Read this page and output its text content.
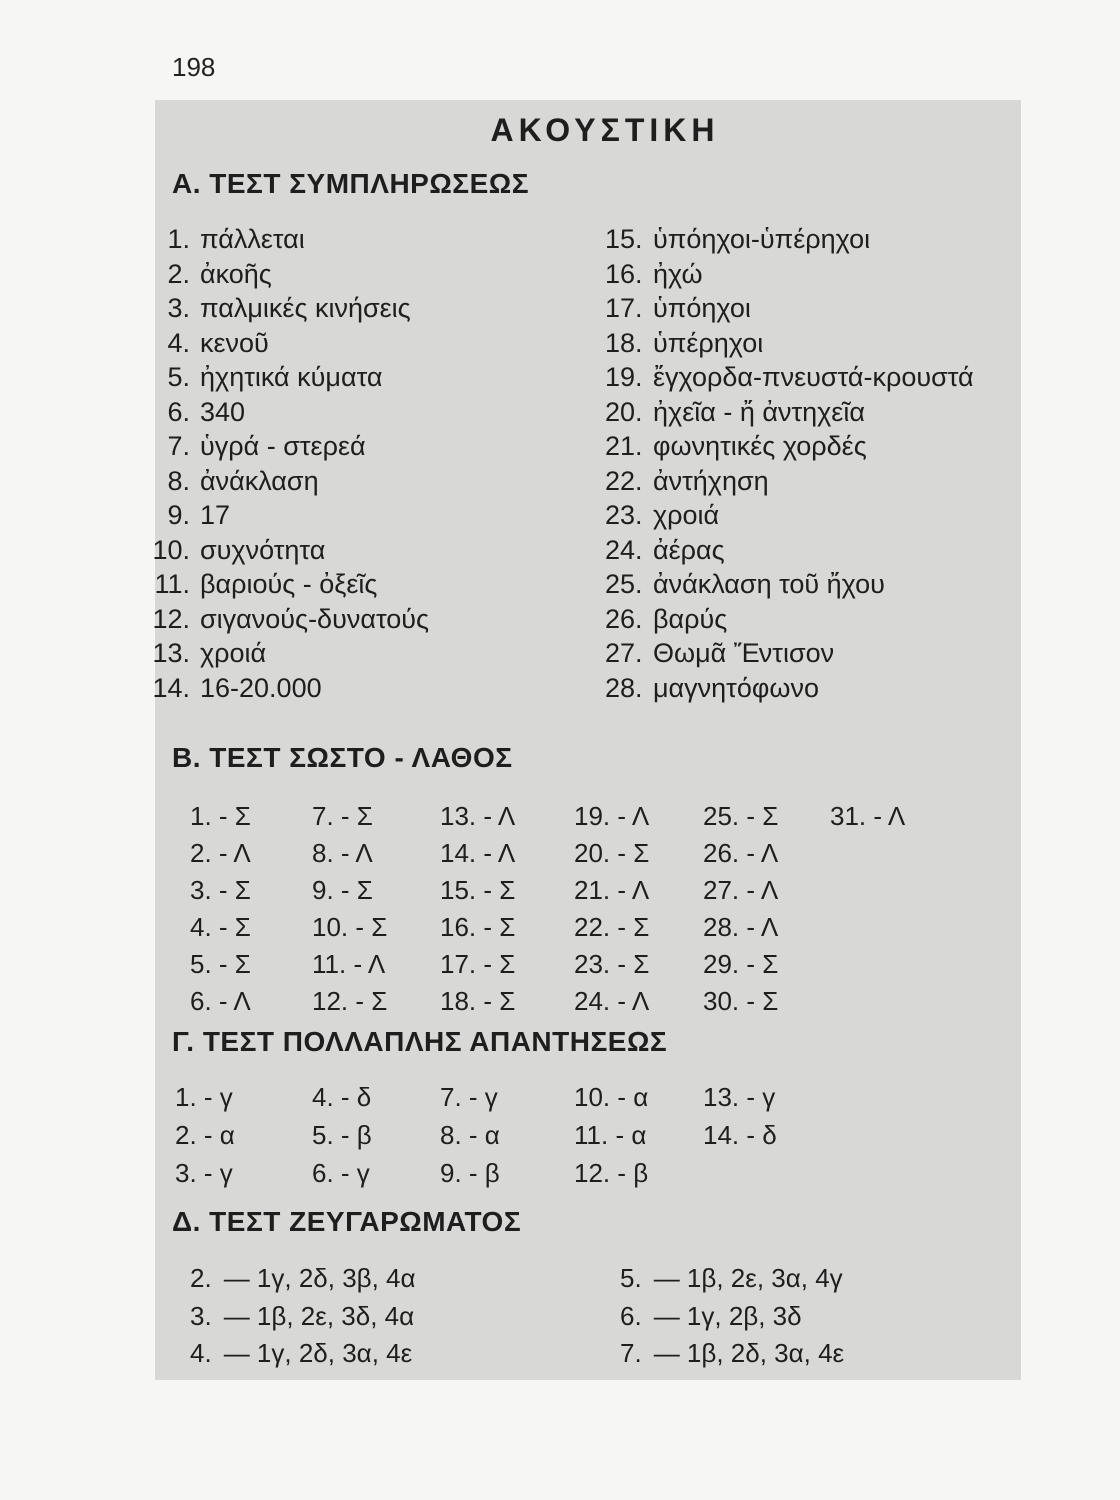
198
ΑΚΟΥΣΤΙΚΗ
Α. ΤΕΣΤ ΣΥΜΠΛΗΡΩΣΕΩΣ
1. πάλλεται
2. ἀκοῆς
3. παλμικές κινήσεις
4. κενοῦ
5. ἠχητικά κύματα
6. 340
7. ὑγρά - στερεά
8. ἀνάκλαση
9. 17
10. συχνότητα
11. βαριούς - ὀξεῖς
12. σιγανούς-δυνατούς
13. χροιά
14. 16-20.000
15. ὑπόηχοι-ὑπέρηχοι
16. ἠχώ
17. ὑπόηχοι
18. ὑπέρηχοι
19. ἔγχορδα-πνευστά-κρουστά
20. ἠχεῖα - ἤ ἀντηχεῖα
21. φωνητικές χορδές
22. ἀντήχηση
23. χροιά
24. ἀέρας
25. ἀνάκλαση τοῦ ἤχου
26. βαρύς
27. Θωμᾶ Ἔντισον
28. μαγνητόφωνο
Β. ΤΕΣΤ ΣΩΣΤΟ - ΛΑΘΟΣ
1. - Σ
2. - Λ
3. - Σ
4. - Σ
5. - Σ
6. - Λ
7. - Σ
8. - Λ
9. - Σ
10. - Σ
11. - Λ
12. - Σ
13. - Λ
14. - Λ
15. - Σ
16. - Σ
17. - Σ
18. - Σ
19. - Λ
20. - Σ
21. - Λ
22. - Σ
23. - Σ
24. - Λ
25. - Σ
26. - Λ
27. - Λ
28. - Λ
29. - Σ
30. - Σ
31. - Λ
Γ. ΤΕΣΤ ΠΟΛΛΑΠΛΗΣ ΑΠΑΝΤΗΣΕΩΣ
1. - γ
2. - α
3. - γ
4. - δ
5. - β
6. - γ
7. - γ
8. - α
9. - β
10. - α
11. - α
12. - β
13. - γ
14. - δ
Δ. ΤΕΣΤ ΖΕΥΓΑΡΩΜΑΤΟΣ
2. — 1γ, 2δ, 3β, 4α
3. — 1β, 2ε, 3δ, 4α
4. — 1γ, 2δ, 3α, 4ε
5. — 1β, 2ε, 3α, 4γ
6. — 1γ, 2β, 3δ
7. — 1β, 2δ, 3α, 4ε
